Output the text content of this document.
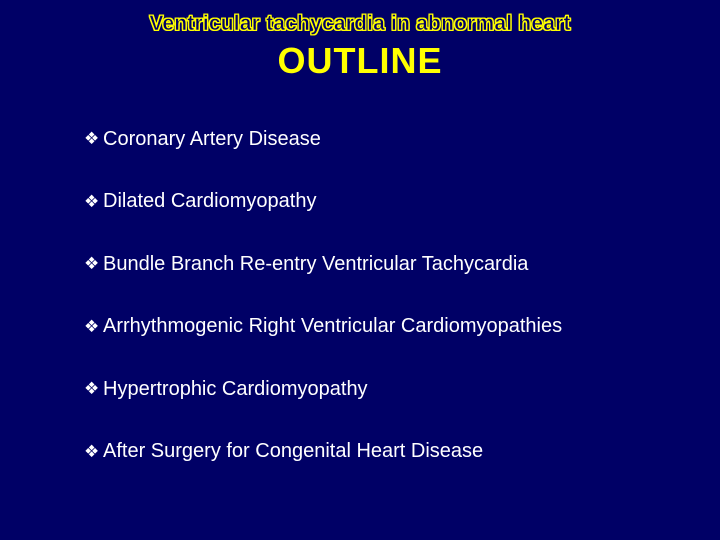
Ventricular tachycardia in abnormal heart
OUTLINE
❖ Coronary Artery Disease
❖ Dilated Cardiomyopathy
❖ Bundle Branch Re-entry Ventricular Tachycardia
❖ Arrhythmogenic Right Ventricular Cardiomyopathies
❖ Hypertrophic Cardiomyopathy
❖ After Surgery for Congenital Heart Disease
